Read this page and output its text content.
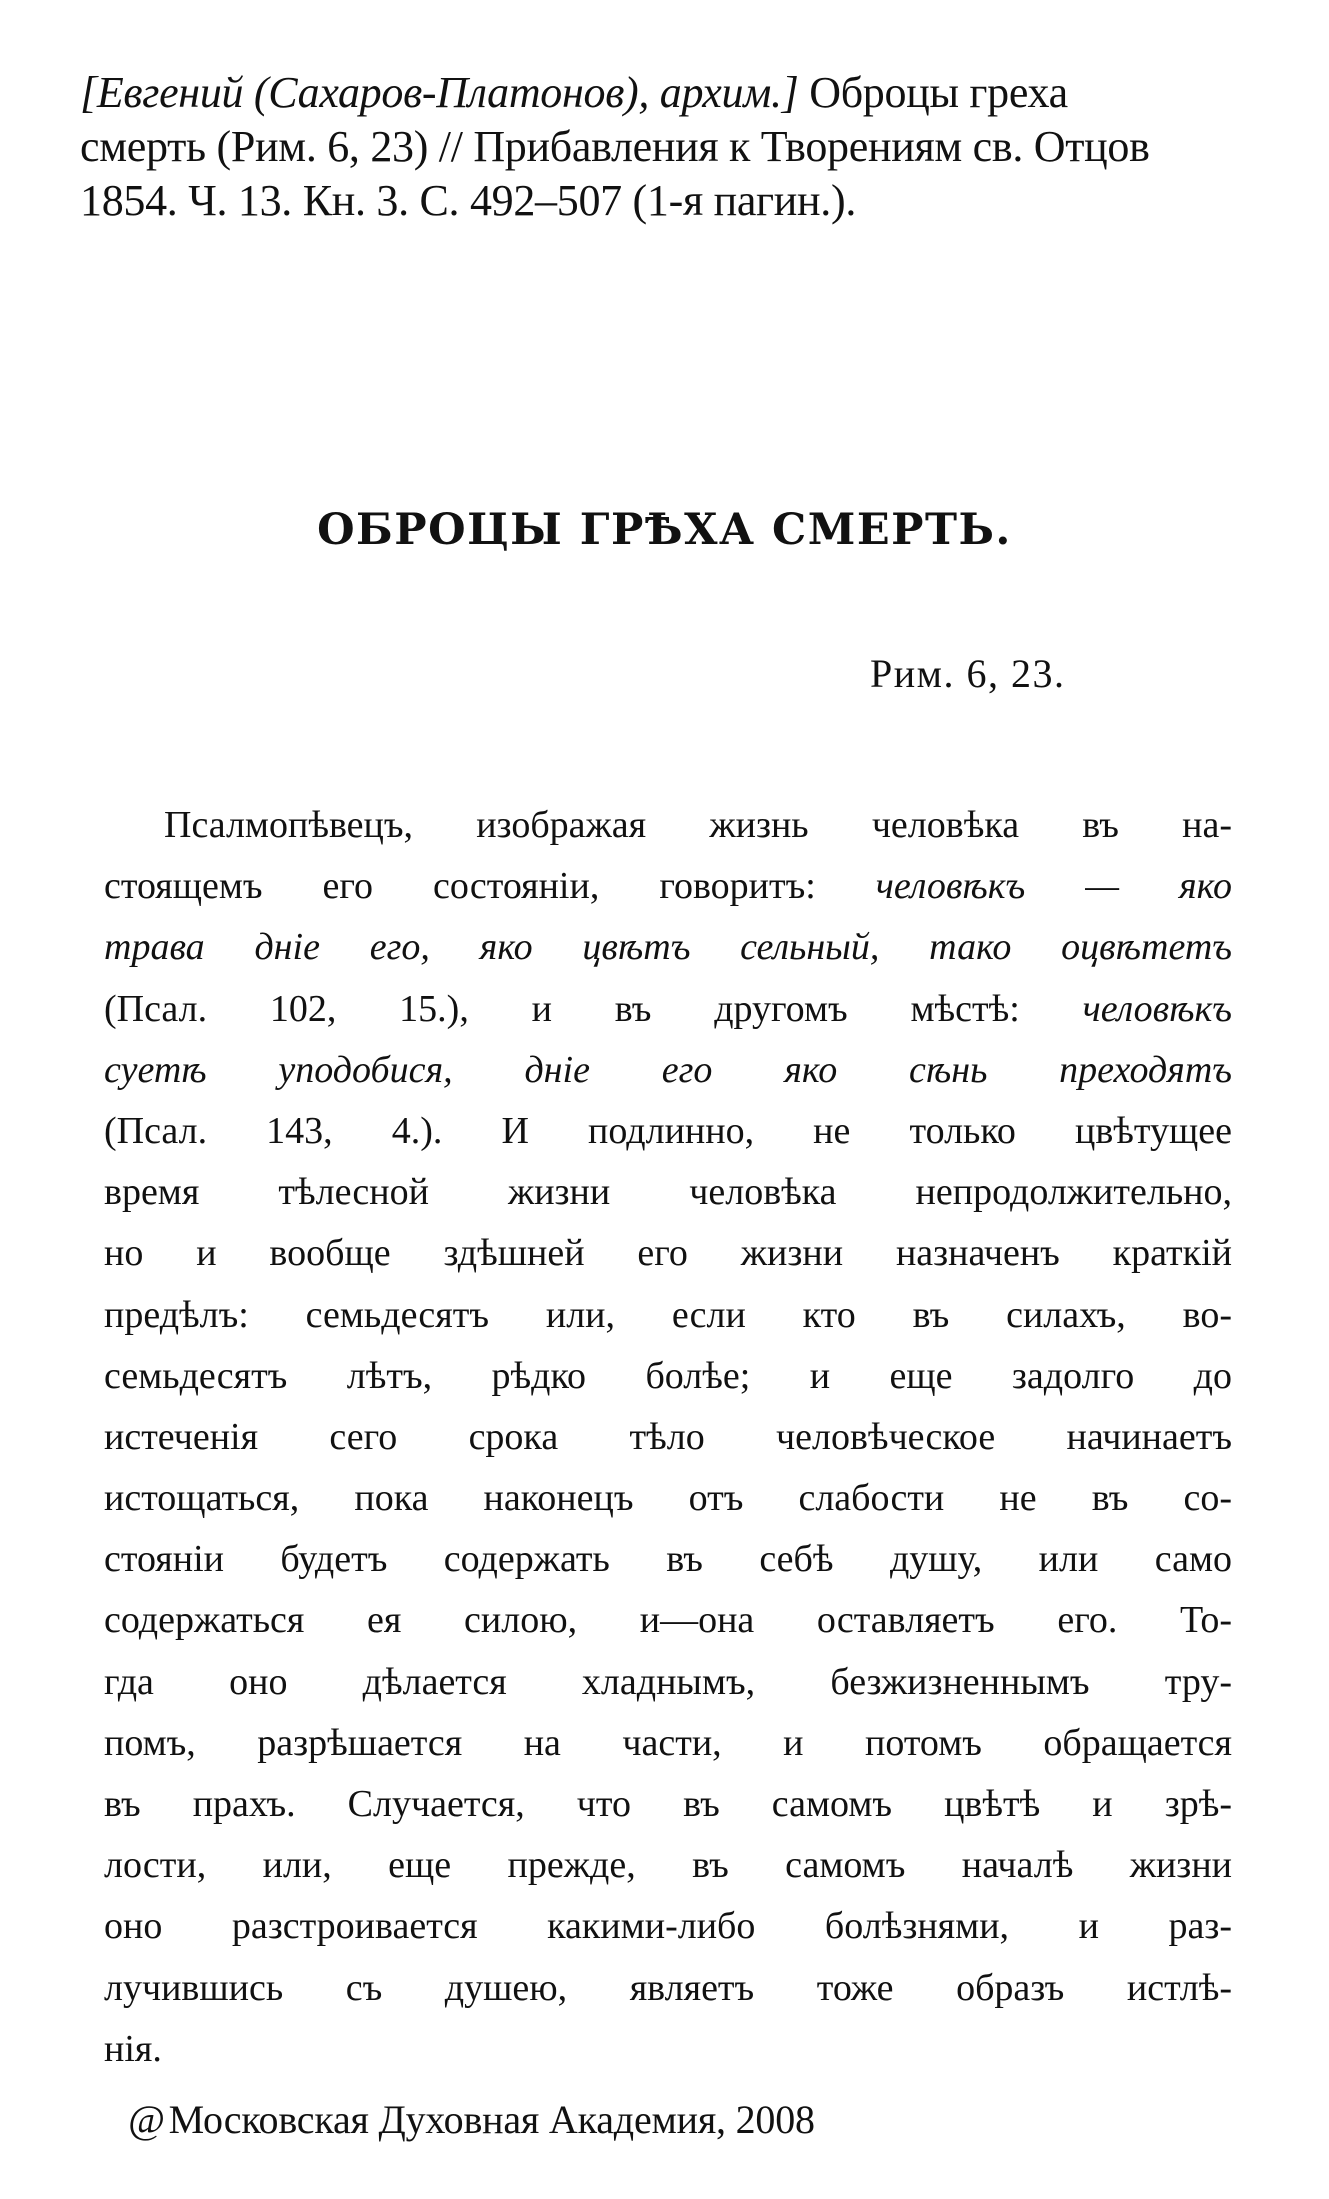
[Евгений (Сахаров-Платонов), архим.] Оброцы греха
смерть (Рим. 6, 23) // Прибавления к Творениям св. Отцов
1854. Ч. 13. Кн. 3. С. 492–507 (1-я пагин.).
ОБРОЦЫ ГРѢХА СМЕРТЬ.
Рим. 6, 23.
Псалмопѣвецъ, изображая жизнь человѣка въ на-
стоящемъ его состояніи, говоритъ: человѣкъ — яко
трава дніе его, яко цвѣтъ сельный, тако оцвѣтетъ
(Псал. 102, 15.), и въ другомъ мѣстѣ: человѣкъ
суетѣ уподобися, дніе его яко сѣнь преходятъ
(Псал. 143, 4.). И подлинно, не только цвѣтущее
время тѣлесной жизни человѣка непродолжительно,
но и вообще здѣшней его жизни назначенъ краткій
предѣлъ: семьдесятъ или, если кто въ силахъ, во-
семьдесятъ лѣтъ, рѣдко болѣе; и еще задолго до
истеченія сего срока тѣло человѣческое начинаетъ
истощаться, пока наконецъ отъ слабости не въ со-
стояніи будетъ содержать въ себѣ душу, или само
содержаться ея силою, и—она оставляетъ его. То-
гда оно дѣлается хладнымъ, безжизненнымъ тру-
помъ, разрѣшается на части, и потомъ обращается
въ прахъ. Случается, что въ самомъ цвѣтѣ и зрѣ-
лости, или, еще прежде, въ самомъ началѣ жизни
оно разстроивается какими-либо болѣзнями, и раз-
лучившись съ душею, являетъ тоже образъ истлѣ-
нія.
@ Московская Духовная Академия, 2008
